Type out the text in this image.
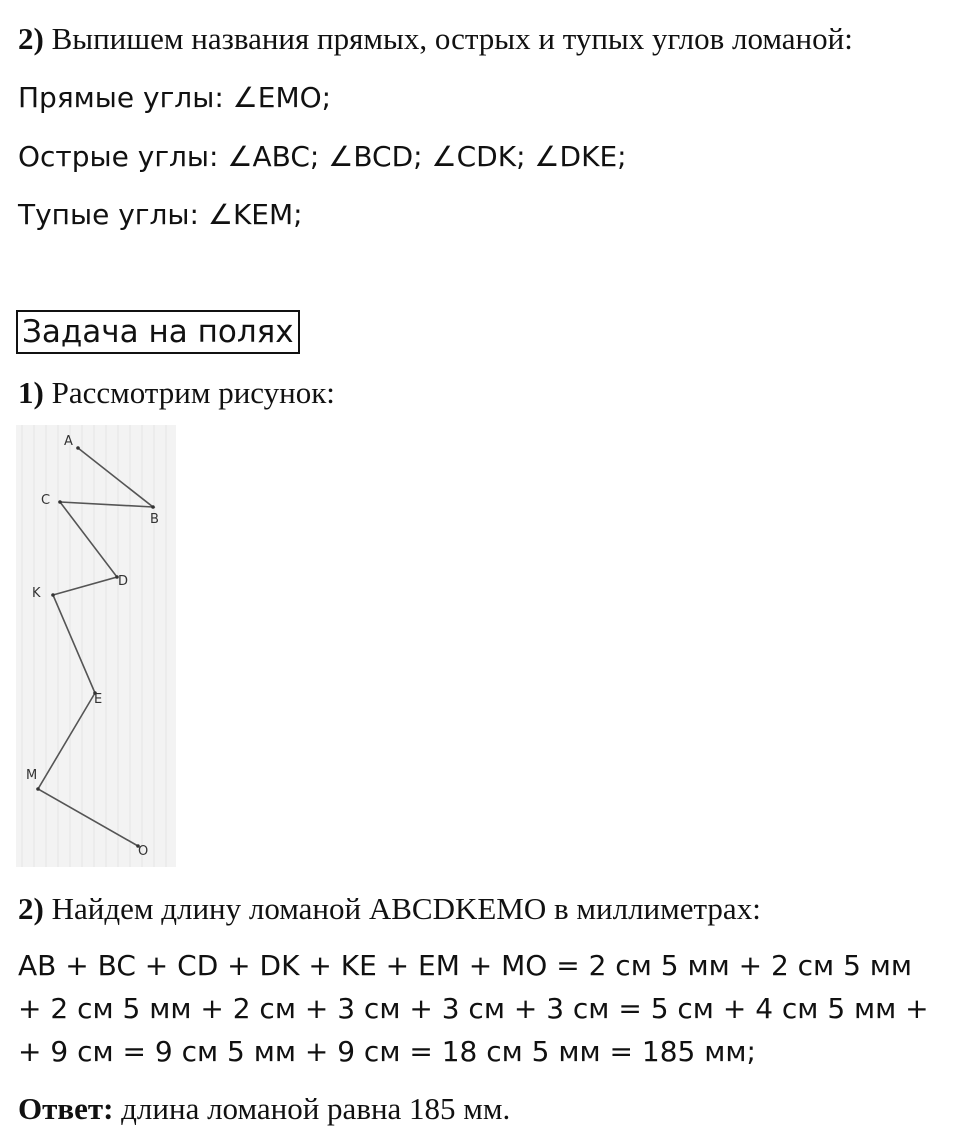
2) Выпишем названия прямых, острых и тупых углов ломаной:
Прямые углы: ∠EMO;
Острые углы: ∠ABC; ∠BCD; ∠CDK; ∠DKE;
Тупые углы: ∠KEM;
Задача на полях
1) Рассмотрим рисунок:
A
B
C
D
K
E
M
O
2) Найдем длину ломаной ABCDKEMO в миллиметрах:
AB + BC + CD + DK + KE + EM + MO = 2 см 5 мм + 2 см 5 мм
+ 2 см 5 мм + 2 см + 3 см + 3 см + 3 см = 5 см + 4 см 5 мм +
+ 9 см = 9 см 5 мм + 9 см = 18 см 5 мм = 185 мм;
Ответ: длина ломаной равна 185 мм.
